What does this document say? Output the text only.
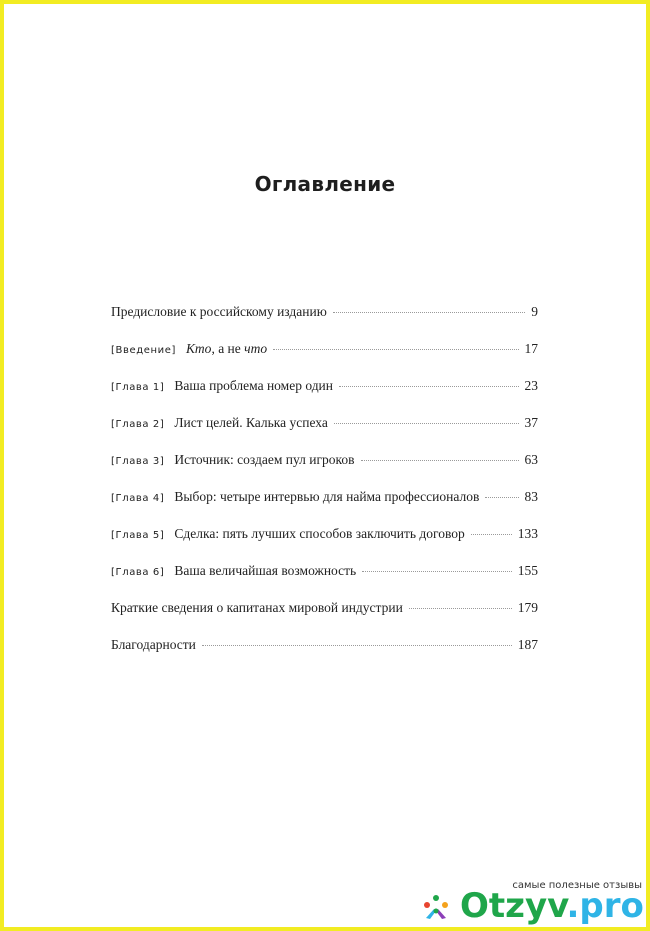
Оглавление
Предисловие к российскому изданию	9
[Введение] Кто , а не что	17
[Глава 1] Ваша проблема номер один	23
[Глава 2] Лист целей. Калька успеха	37
[Глава 3] Источник: создаем пул игроков	63
[Глава 4] Выбор: четыре интервью для найма профессионалов	83
[Глава 5] Сделка: пять лучших способов заключить договор	133
[Глава 6] Ваша величайшая возможность	155
Краткие сведения о капитанах мировой индустрии	179
Благодарности	187
самые полезные отзывы
Otzyv.pro
